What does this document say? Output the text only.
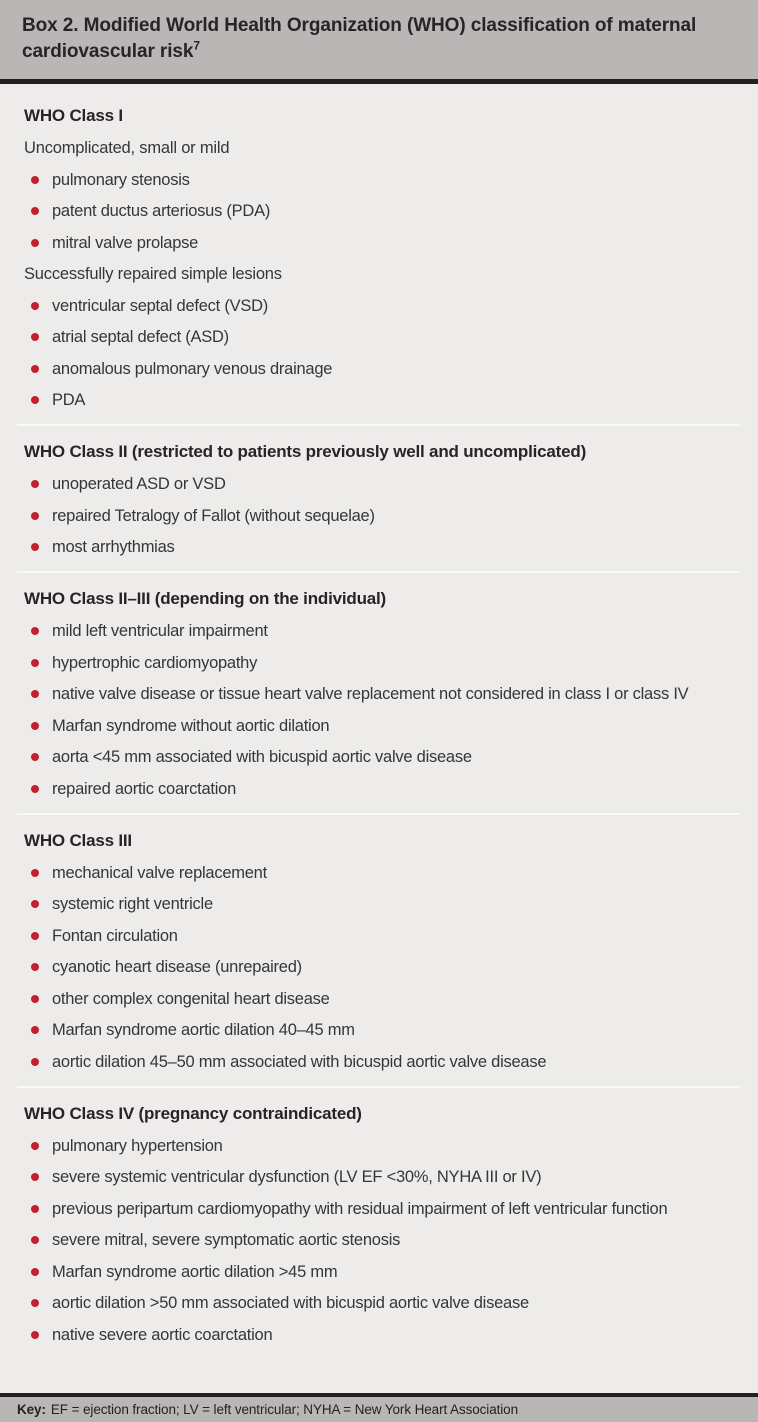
Box 2. Modified World Health Organization (WHO) classification of maternal cardiovascular risk$^7$
WHO Class I

Uncomplicated, small or mild

pulmonary stenosis
patent ductus arteriosus (PDA)
mitral valve prolapse

Successfully repaired simple lesions

ventricular septal defect (VSD)
atrial septal defect (ASD)
anomalous pulmonary venous drainage
PDA
WHO Class II (restricted to patients previously well and uncomplicated)
unoperated ASD or VSD
repaired Tetralogy of Fallot (without sequelae)
most arrhythmias
WHO Class II–III (depending on the individual)
mild left ventricular impairment
hypertrophic cardiomyopathy
native valve disease or tissue heart valve replacement not considered in class I or class IV
Marfan syndrome without aortic dilation
aorta <45 mm associated with bicuspid aortic valve disease
repaired aortic coarctation
WHO Class III
mechanical valve replacement
systemic right ventricle
Fontan circulation
cyanotic heart disease (unrepaired)
other complex congenital heart disease
Marfan syndrome aortic dilation 40–45 mm
aortic dilation 45–50 mm associated with bicuspid aortic valve disease
WHO Class IV (pregnancy contraindicated)
pulmonary hypertension
severe systemic ventricular dysfunction (LV EF <30%, NYHA III or IV)
previous peripartum cardiomyopathy with residual impairment of left ventricular function
severe mitral, severe symptomatic aortic stenosis
Marfan syndrome aortic dilation >45 mm
aortic dilation >50 mm associated with bicuspid aortic valve disease
native severe aortic coarctation

Key: EF = ejection fraction; LV = left ventricular; NYHA = New York Heart Association
